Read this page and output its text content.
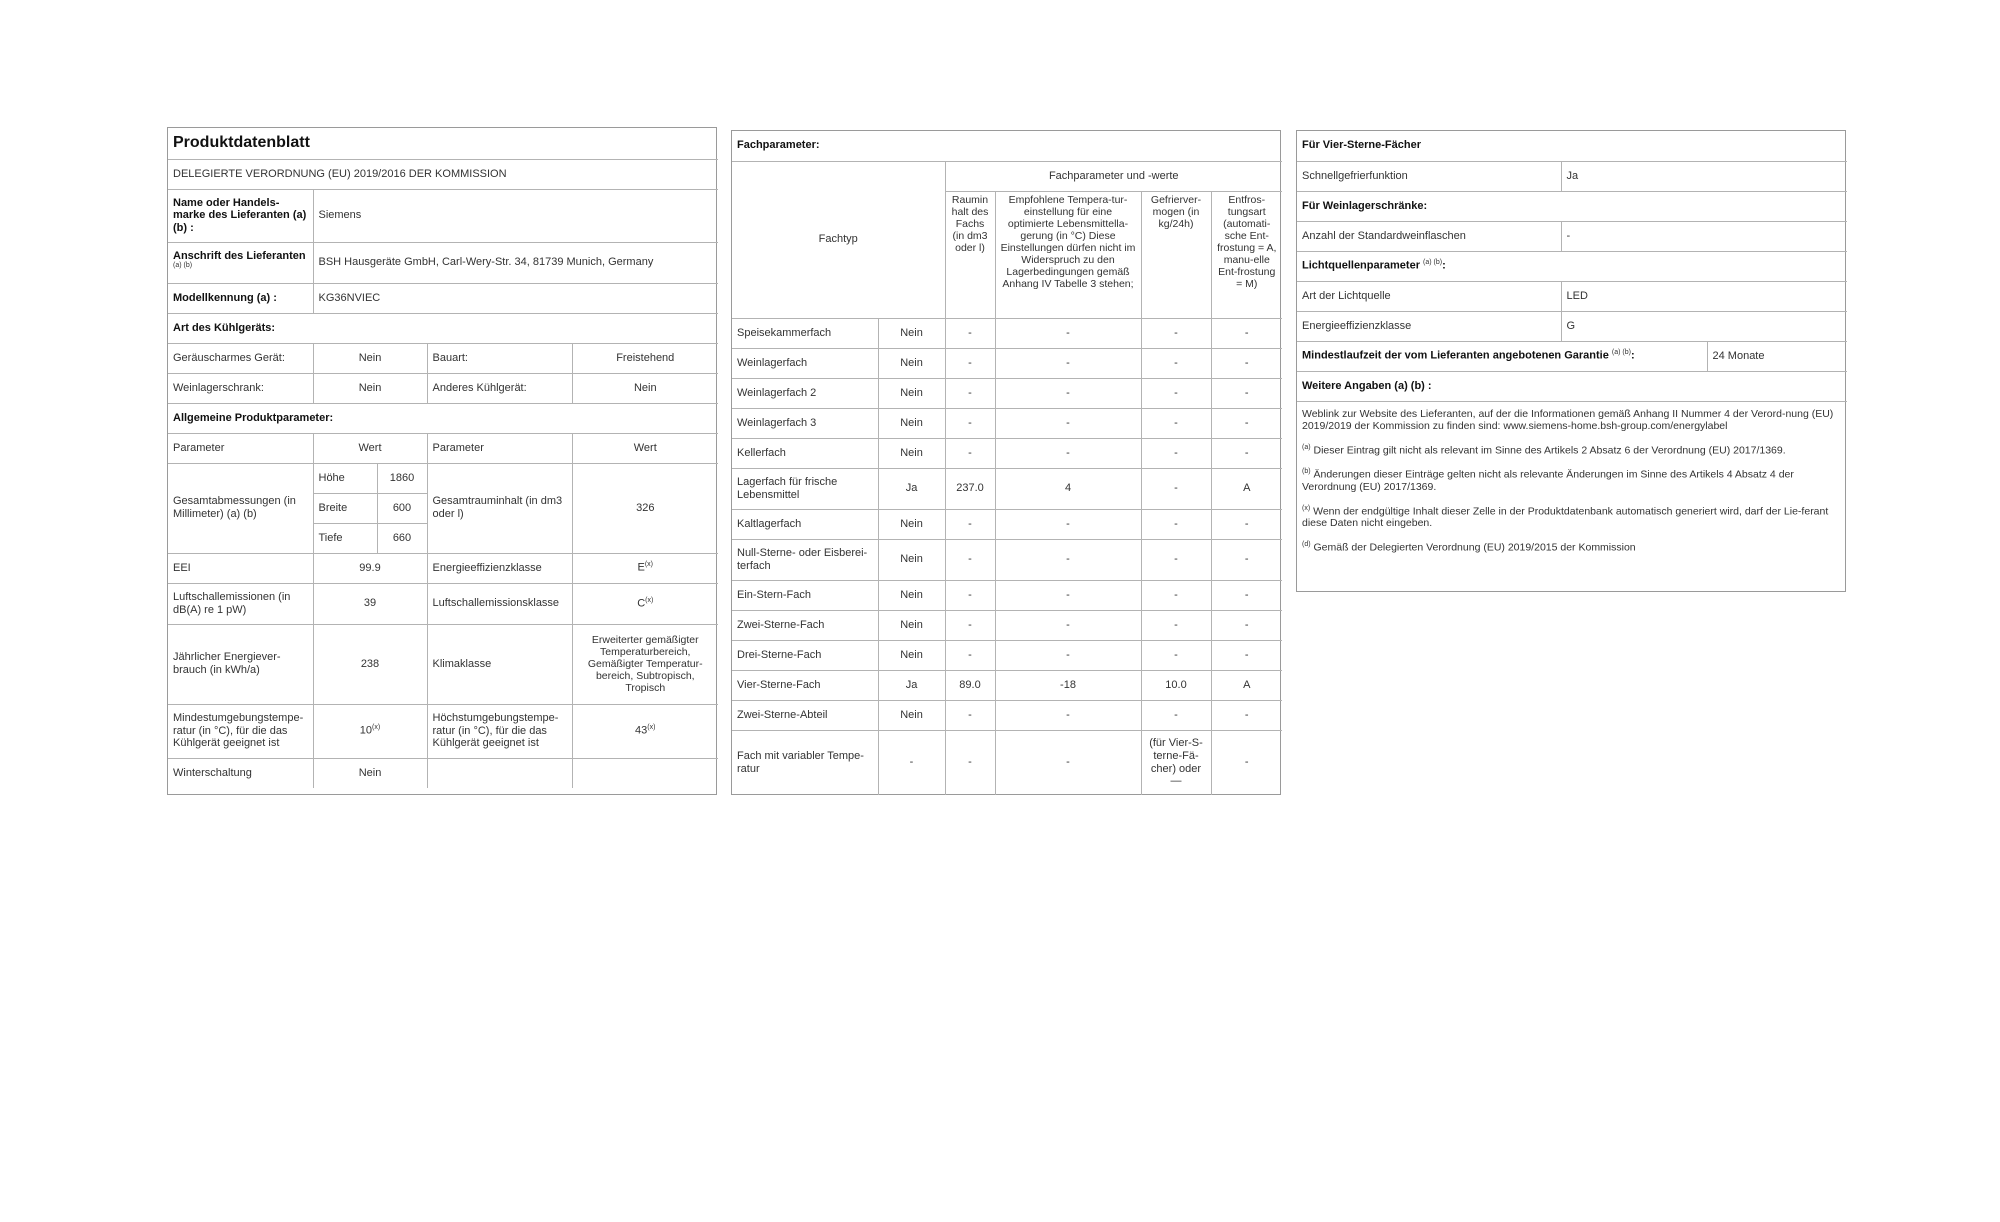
Produktdatenblatt				
DELEGIERTE VERORDNUNG (EU) 2019/2016 DER KOMMISSION				
Name oder Handels-marke des Lieferanten (a) (b) :	Siemens			
Anschrift des Lieferanten $^{(a) (b)}$	BSH Hausgeräte GmbH, Carl-Wery-Str. 34, 81739 Munich, Germany			
Modellkennung (a) :	KG36NVIEC			
Art des Kühlgeräts:				
Geräuscharmes Gerät:	Nein		Bauart:	Freistehend
Weinlagerschrank:	Nein		Anderes Kühlgerät:	Nein
Allgemeine Produktparameter:				
Parameter	Wert		Parameter	Wert
Gesamtabmessungen (in Millimeter) (a) (b)	Höhe	1860	Gesamtrauminhalt (in dm3 oder l)	326
	Breite	600		
	Tiefe	660		
EEI	99.9		Energieeffizienzklasse	$E^{(x)}$
Luftschallemissionen (in dB(A) re 1 pW)	39		Luftschallemissionsklasse	$C^{(x)}$
Jährlicher Energiever-brauch (in kWh/a)	238		Klimaklasse	Erweiterter gemäßigter Temperaturbereich, Gemäßigter Temperatur-bereich, Subtropisch, Tropisch
Mindestumgebungstempe-ratur (in °C), für die das Kühlgerät geeignet ist	10$^{(x)}$		Höchstumgebungstempe-ratur (in °C), für die das Kühlgerät geeignet ist	43$^{(x)}$
Winterschaltung	Nein			
Fachparameter:					
Fachtyp		Fachparameter und -werte			
		Raumin halt des Fachs (in dm3 oder l)	Empfohlene Tempera-tur-einstellung für eine optimierte Lebensmittella-gerung (in °C) Diese Einstellungen dürfen nicht im Widerspruch zu den Lagerbedingungen gemäß Anhang IV Tabelle 3 stehen;	Gefrierver-mogen (in kg/24h)	Entfros-tungsart (automati-sche Ent-frostung = A, manu-elle Ent-frostung = M)
Speisekammerfach	Nein	-	-	-	-
Weinlagerfach	Nein	-	-	-	-
Weinlagerfach 2	Nein	-	-	-	-
Weinlagerfach 3	Nein	-	-	-	-
Kellerfach	Nein	-	-	-	-
Lagerfach für frische Lebensmittel	Ja	237.0	4	-	A
Kaltlagerfach	Nein	-	-	-	-
Null-Sterne- oder Eisberei-terfach	Nein	-	-	-	-
Ein-Stern-Fach	Nein	-	-	-	-
Zwei-Sterne-Fach	Nein	-	-	-	-
Drei-Sterne-Fach	Nein	-	-	-	-
Vier-Sterne-Fach	Ja	89.0	-18	10.0	A
Zwei-Sterne-Abteil	Nein	-	-	-	-
Fach mit variabler Tempe-ratur	-	-	-	(für Vier-S-terne-Fä-cher) oder —	-
Für Vier-Sterne-Fächer		
Schnellgefrierfunktion	Ja	
Für Weinlagerschränke:		
Anzahl der Standardweinflaschen	-	
Lichtquellenparameter $^{(a) (b)}$:		
Art der Lichtquelle	LED	
Energieeffizienzklasse	G	
Mindestlaufzeit der vom Lieferanten angebotenen Garantie $^{(a) (b)}$:		24 Monate
Weitere Angaben (a) (b) :		

Weblink zur Website des Lieferanten, auf der die Informationen gemäß Anhang II Nummer 4 der Verord-nung (EU) 2019/2019 der Kommission zu finden sind: www.siemens-home.bsh-group.com/energylabel
$^{(a)}$ Dieser Eintrag gilt nicht als relevant im Sinne des Artikels 2 Absatz 6 der Verordnung (EU) 2017/1369.
$^{(b)}$ Änderungen dieser Einträge gelten nicht als relevante Änderungen im Sinne des Artikels 4 Absatz 4 der Verordnung (EU) 2017/1369.
$^{(x)}$ Wenn der endgültige Inhalt dieser Zelle in der Produktdatenbank automatisch generiert wird, darf der Lie-ferant diese Daten nicht eingeben.
$^{(d)}$ Gemäß der Delegierten Verordnung (EU) 2019/2015 der Kommission		
